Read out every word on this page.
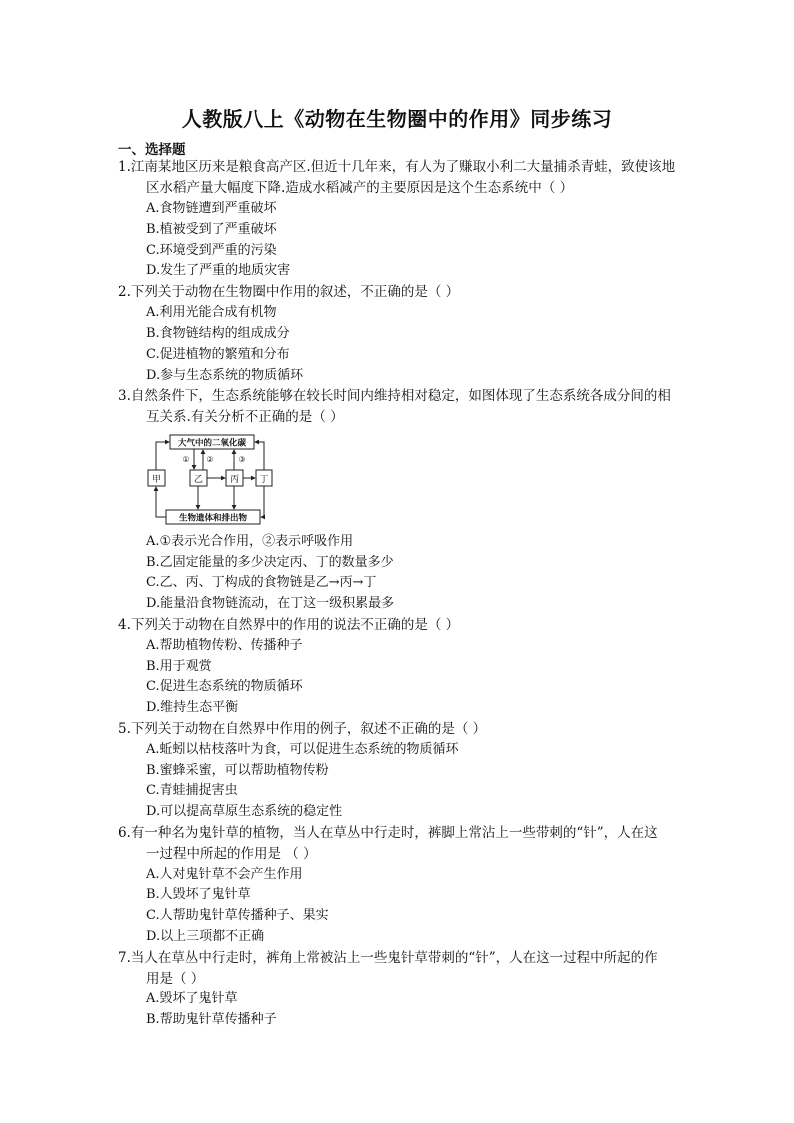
人教版八上《动物在生物圈中的作用》同步练习
一、选择题
1.江南某地区历来是粮食高产区.但近十几年来，有人为了赚取小利二大量捕杀青蛙，致使该地
区水稻产量大幅度下降.造成水稻减产的主要原因是这个生态系统中（ ）
A.食物链遭到严重破坏
B.植被受到了严重破坏
C.环境受到严重的污染
D.发生了严重的地质灾害
2.下列关于动物在生物圈中作用的叙述，不正确的是（ ）
A.利用光能合成有机物
B.食物链结构的组成成分
C.促进植物的繁殖和分布
D.参与生态系统的物质循环
3.自然条件下，生态系统能够在较长时间内维持相对稳定，如图体现了生态系统各成分间的相
互关系.有关分析不正确的是（ ）
大气中的二氧化碳
生物遗体和排出物
甲	乙	丙 丁
① ②	③
A.①表示光合作用，②表示呼吸作用
B.乙固定能量的多少决定丙、丁的数量多少
C.乙、丙、丁构成的食物链是乙→丙→丁
D.能量沿食物链流动，在丁这一级积累最多
4.下列关于动物在自然界中的作用的说法不正确的是（ ）
A.帮助植物传粉、传播种子
B.用于观赏
C.促进生态系统的物质循环
D.维持生态平衡
5.下列关于动物在自然界中作用的例子，叙述不正确的是（ ）
A.蚯蚓以枯枝落叶为食，可以促进生态系统的物质循环
B.蜜蜂采蜜，可以帮助植物传粉
C.青蛙捕捉害虫
D.可以提高草原生态系统的稳定性
6.有一种名为鬼针草的植物，当人在草丛中行走时，裤脚上常沾上一些带刺的“针”，人在这
一过程中所起的作用是 （ ）
A.人对鬼针草不会产生作用
B.人毁坏了鬼针草
C.人帮助鬼针草传播种子、果实
D.以上三项都不正确
7.当人在草丛中行走时，裤角上常被沾上一些鬼针草带刺的“针”，人在这一过程中所起的作
用是（ ）
A.毁坏了鬼针草
B.帮助鬼针草传播种子
